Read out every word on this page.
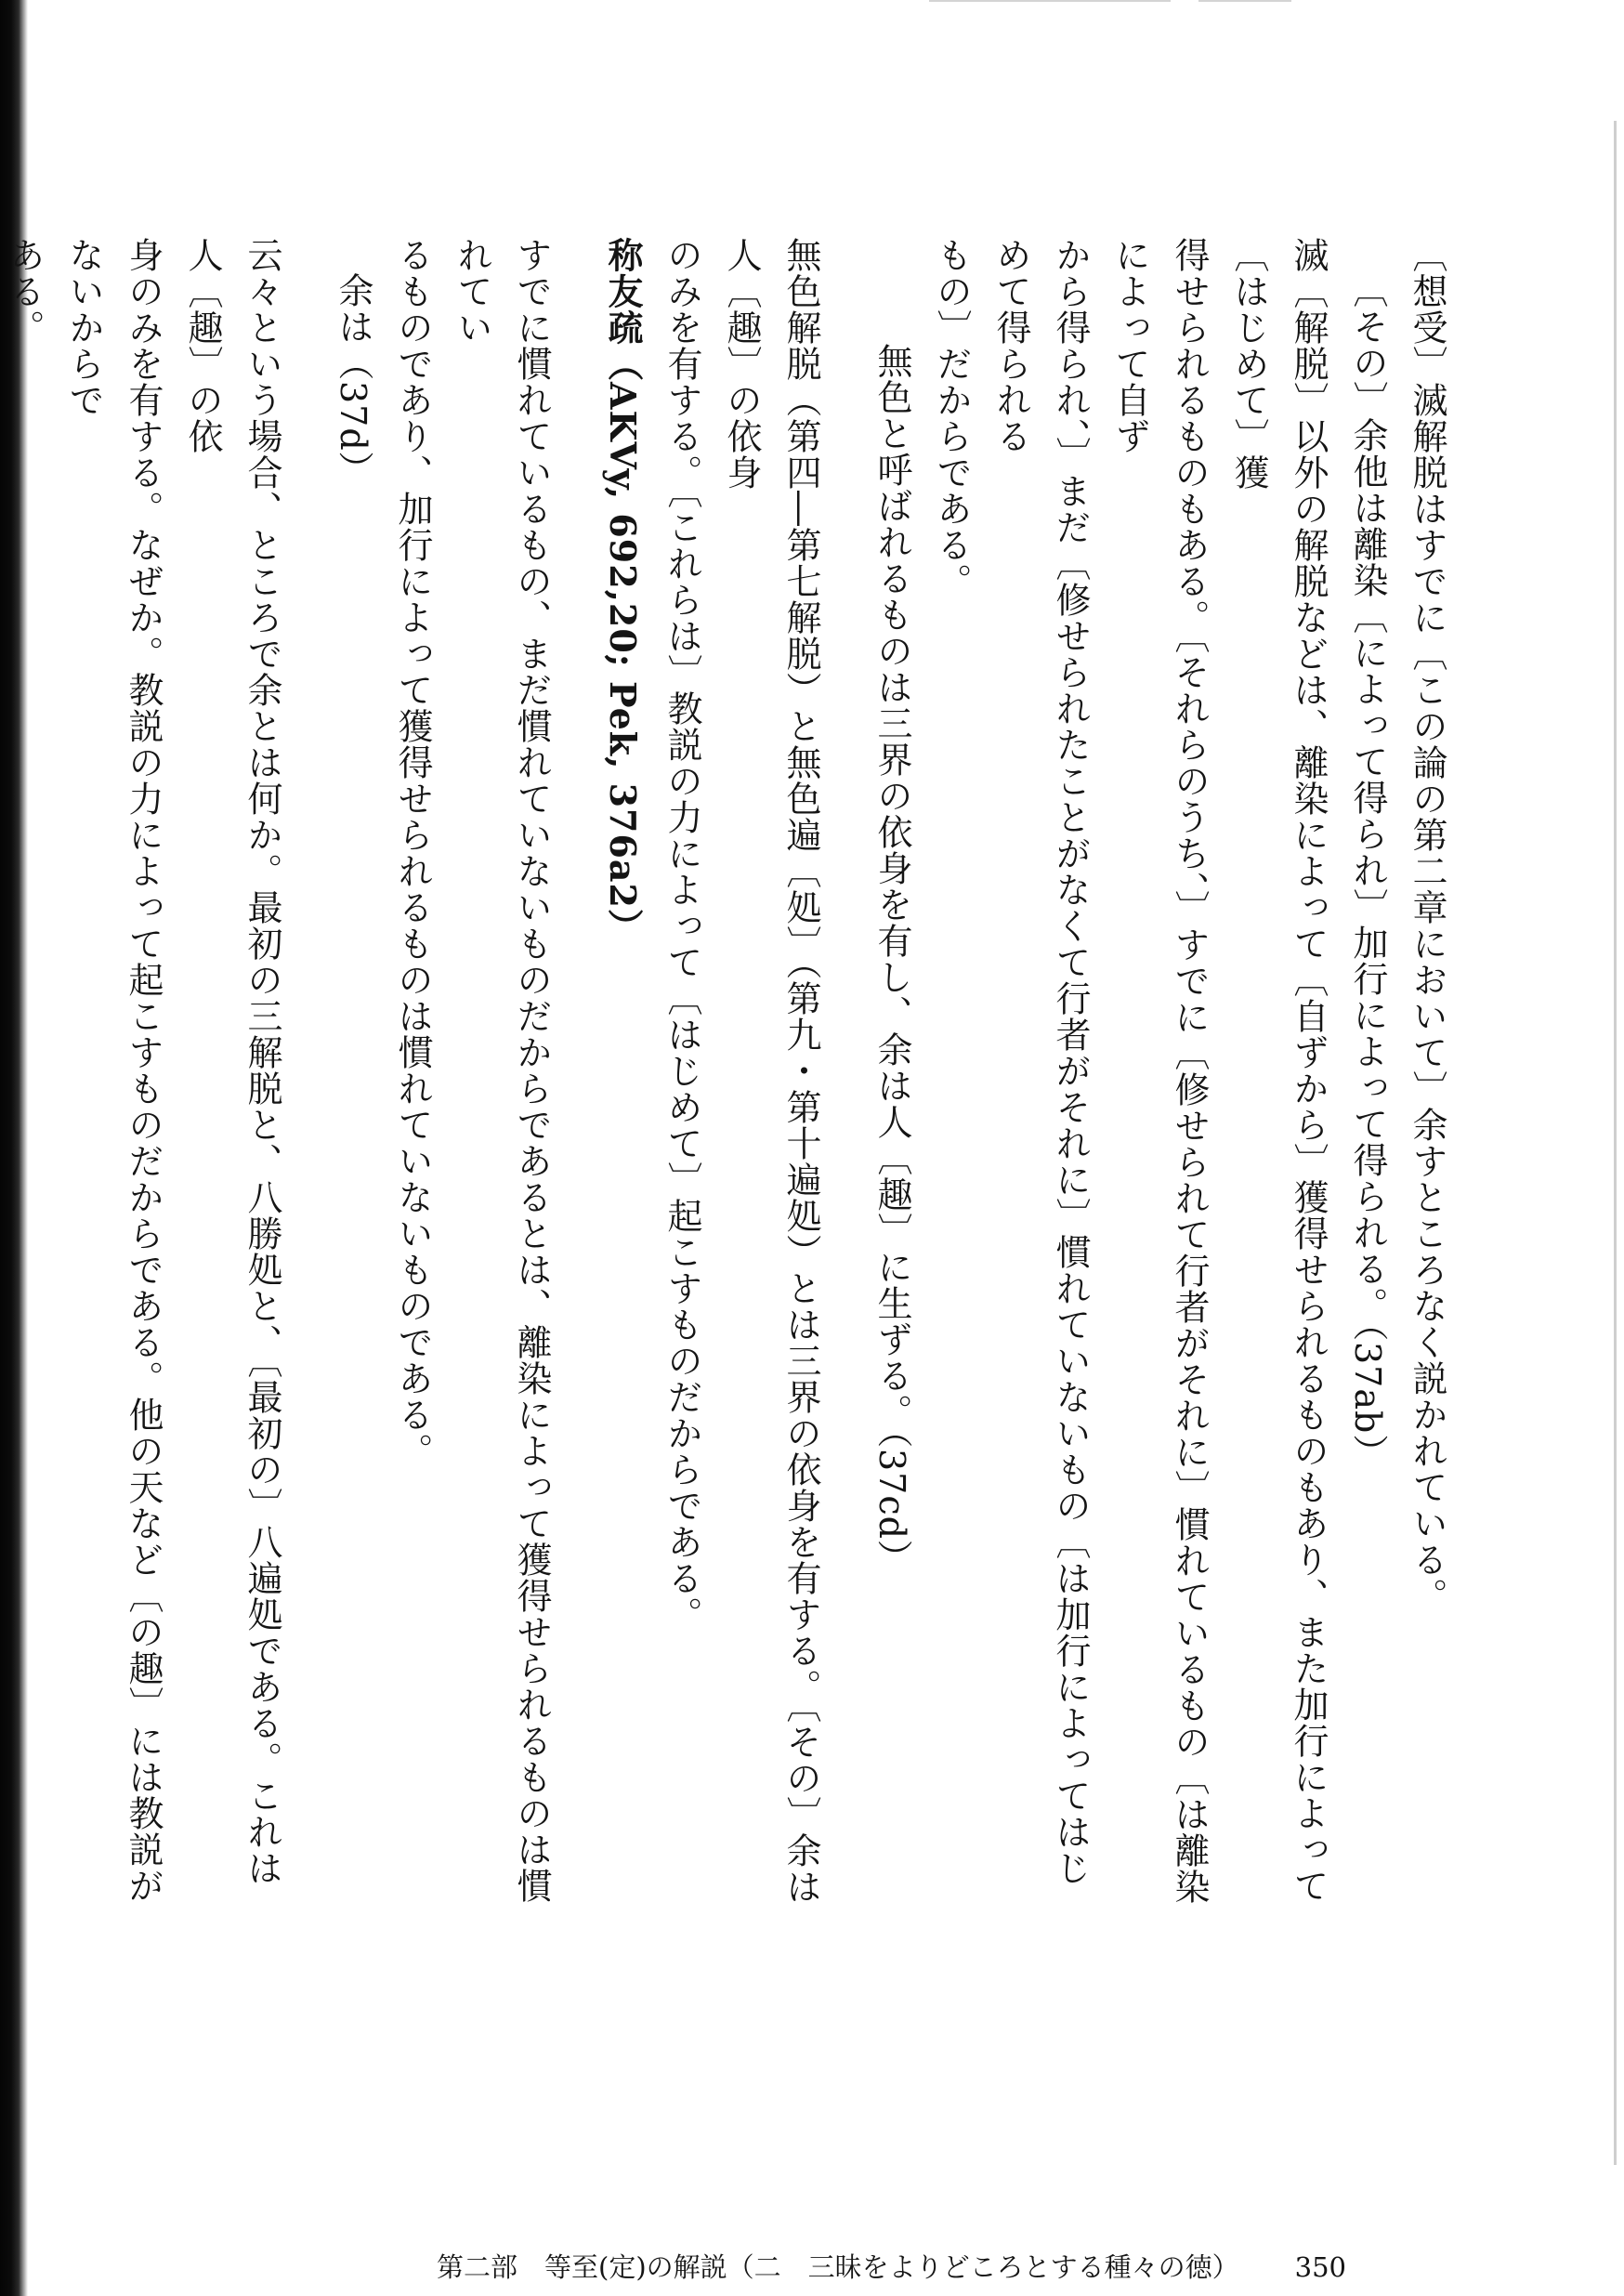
〔想受〕滅解脱はすでに〔この論の第二章において〕余すところなく説かれている。

〔その〕余他は離染〔によって得られ〕加行によって得られる。（37ab）

滅〔解脱〕以外の解脱などは、離染によって〔自ずから〕獲得せられるものもあり、また加行によって〔はじめて〕獲

得せられるものもある。〔それらのうち、〕すでに〔修せられて行者がそれに〕慣れているもの〔は離染によって自ず

から得られ、〕まだ〔修せられたことがなくて行者がそれに〕慣れていないもの〔は加行によってはじめて得られる

もの〕だからである。

無色と呼ばれるものは三界の依身を有し、余は人〔趣〕に生ずる。（37cd）

無色解脱（第四―第七解脱）と無色遍〔処〕（第九・第十遍処）とは三界の依身を有する。〔その〕余は人〔趣〕の依身

のみを有する。〔これらは〕教説の力によって〔はじめて〕起こすものだからである。

称友疏（AKVy, 692,20; Pek, 376a2）

すでに慣れているもの、まだ慣れていないものだからであるとは、離染によって獲得せられるものは慣れてい

るものであり、加行によって獲得せられるものは慣れていないものである。

余は（37d）

云々という場合、ところで余とは何か。最初の三解脱と、八勝処と、〔最初の〕八遍処である。これは人〔趣〕の依

身のみを有する。なぜか。教説の力によって起こすものだからである。他の天など〔の趣〕には教説がないからで

ある。

第二部　等至(定)の解説（二　三昧をよりどころとする種々の徳） 350
